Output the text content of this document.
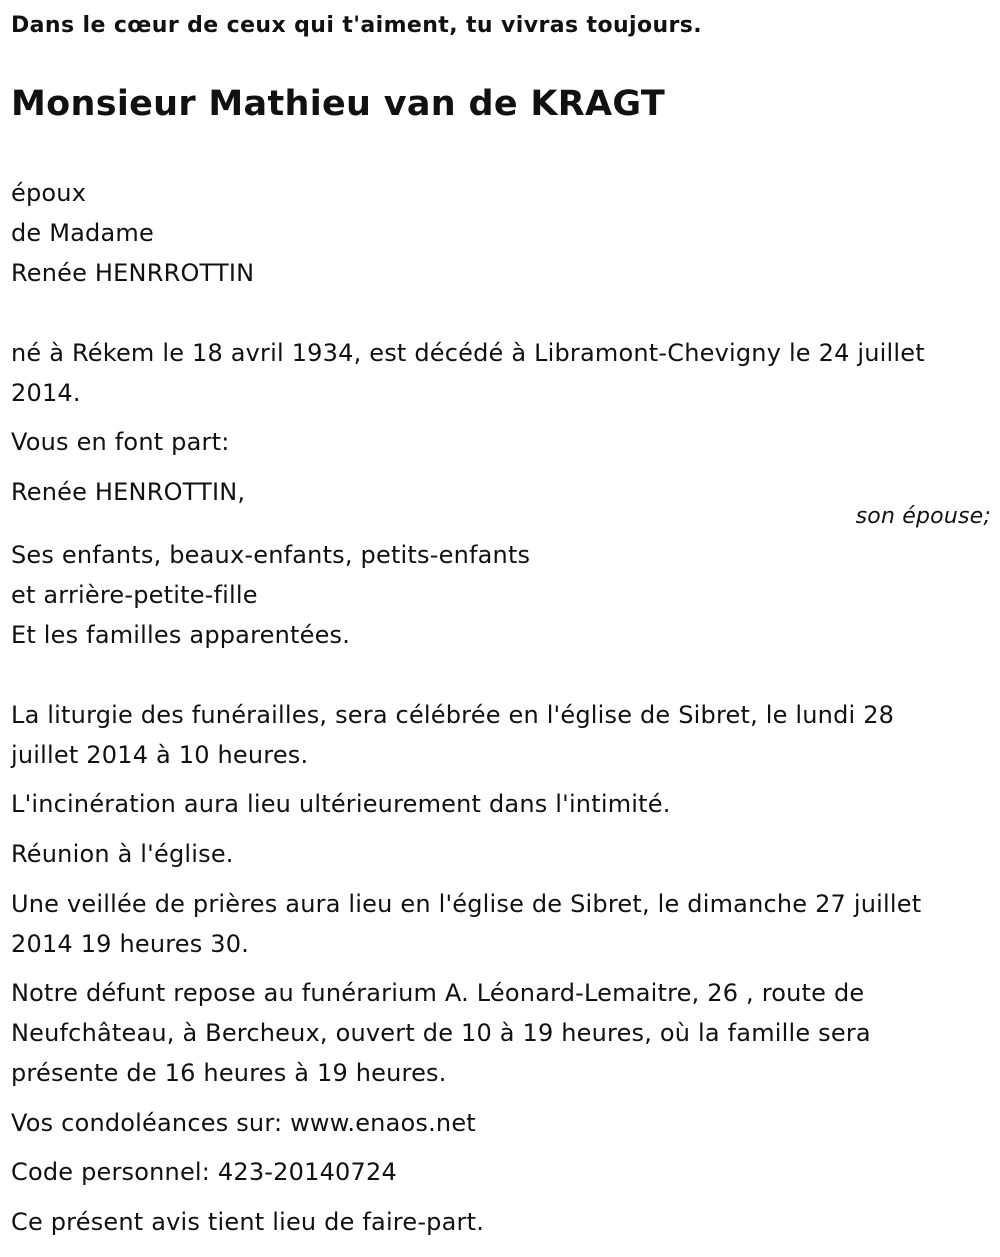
Dans le cœur de ceux qui t'aiment, tu vivras toujours.
Monsieur Mathieu van de KRAGT
époux
de Madame
Renée HENRROTTIN
né à Rékem le 18 avril 1934, est décédé à Libramont-Chevigny le 24 juillet
2014.
Vous en font part:
Renée HENROTTIN,
son épouse;
Ses enfants, beaux-enfants, petits-enfants
et arrière-petite-fille
Et les familles apparentées.
La liturgie des funérailles, sera célébrée en l'église de Sibret, le lundi 28
juillet 2014 à 10 heures.
L'incinération aura lieu ultérieurement dans l'intimité.
Réunion à l'église.
Une veillée de prières aura lieu en l'église de Sibret, le dimanche 27 juillet
2014 19 heures 30.
Notre défunt repose au funérarium A. Léonard-Lemaitre, 26 , route de
Neufchâteau, à Bercheux, ouvert de 10 à 19 heures, où la famille sera
présente de 16 heures à 19 heures.
Vos condoléances sur: www.enaos.net
Code personnel: 423-20140724
Ce présent avis tient lieu de faire-part.
